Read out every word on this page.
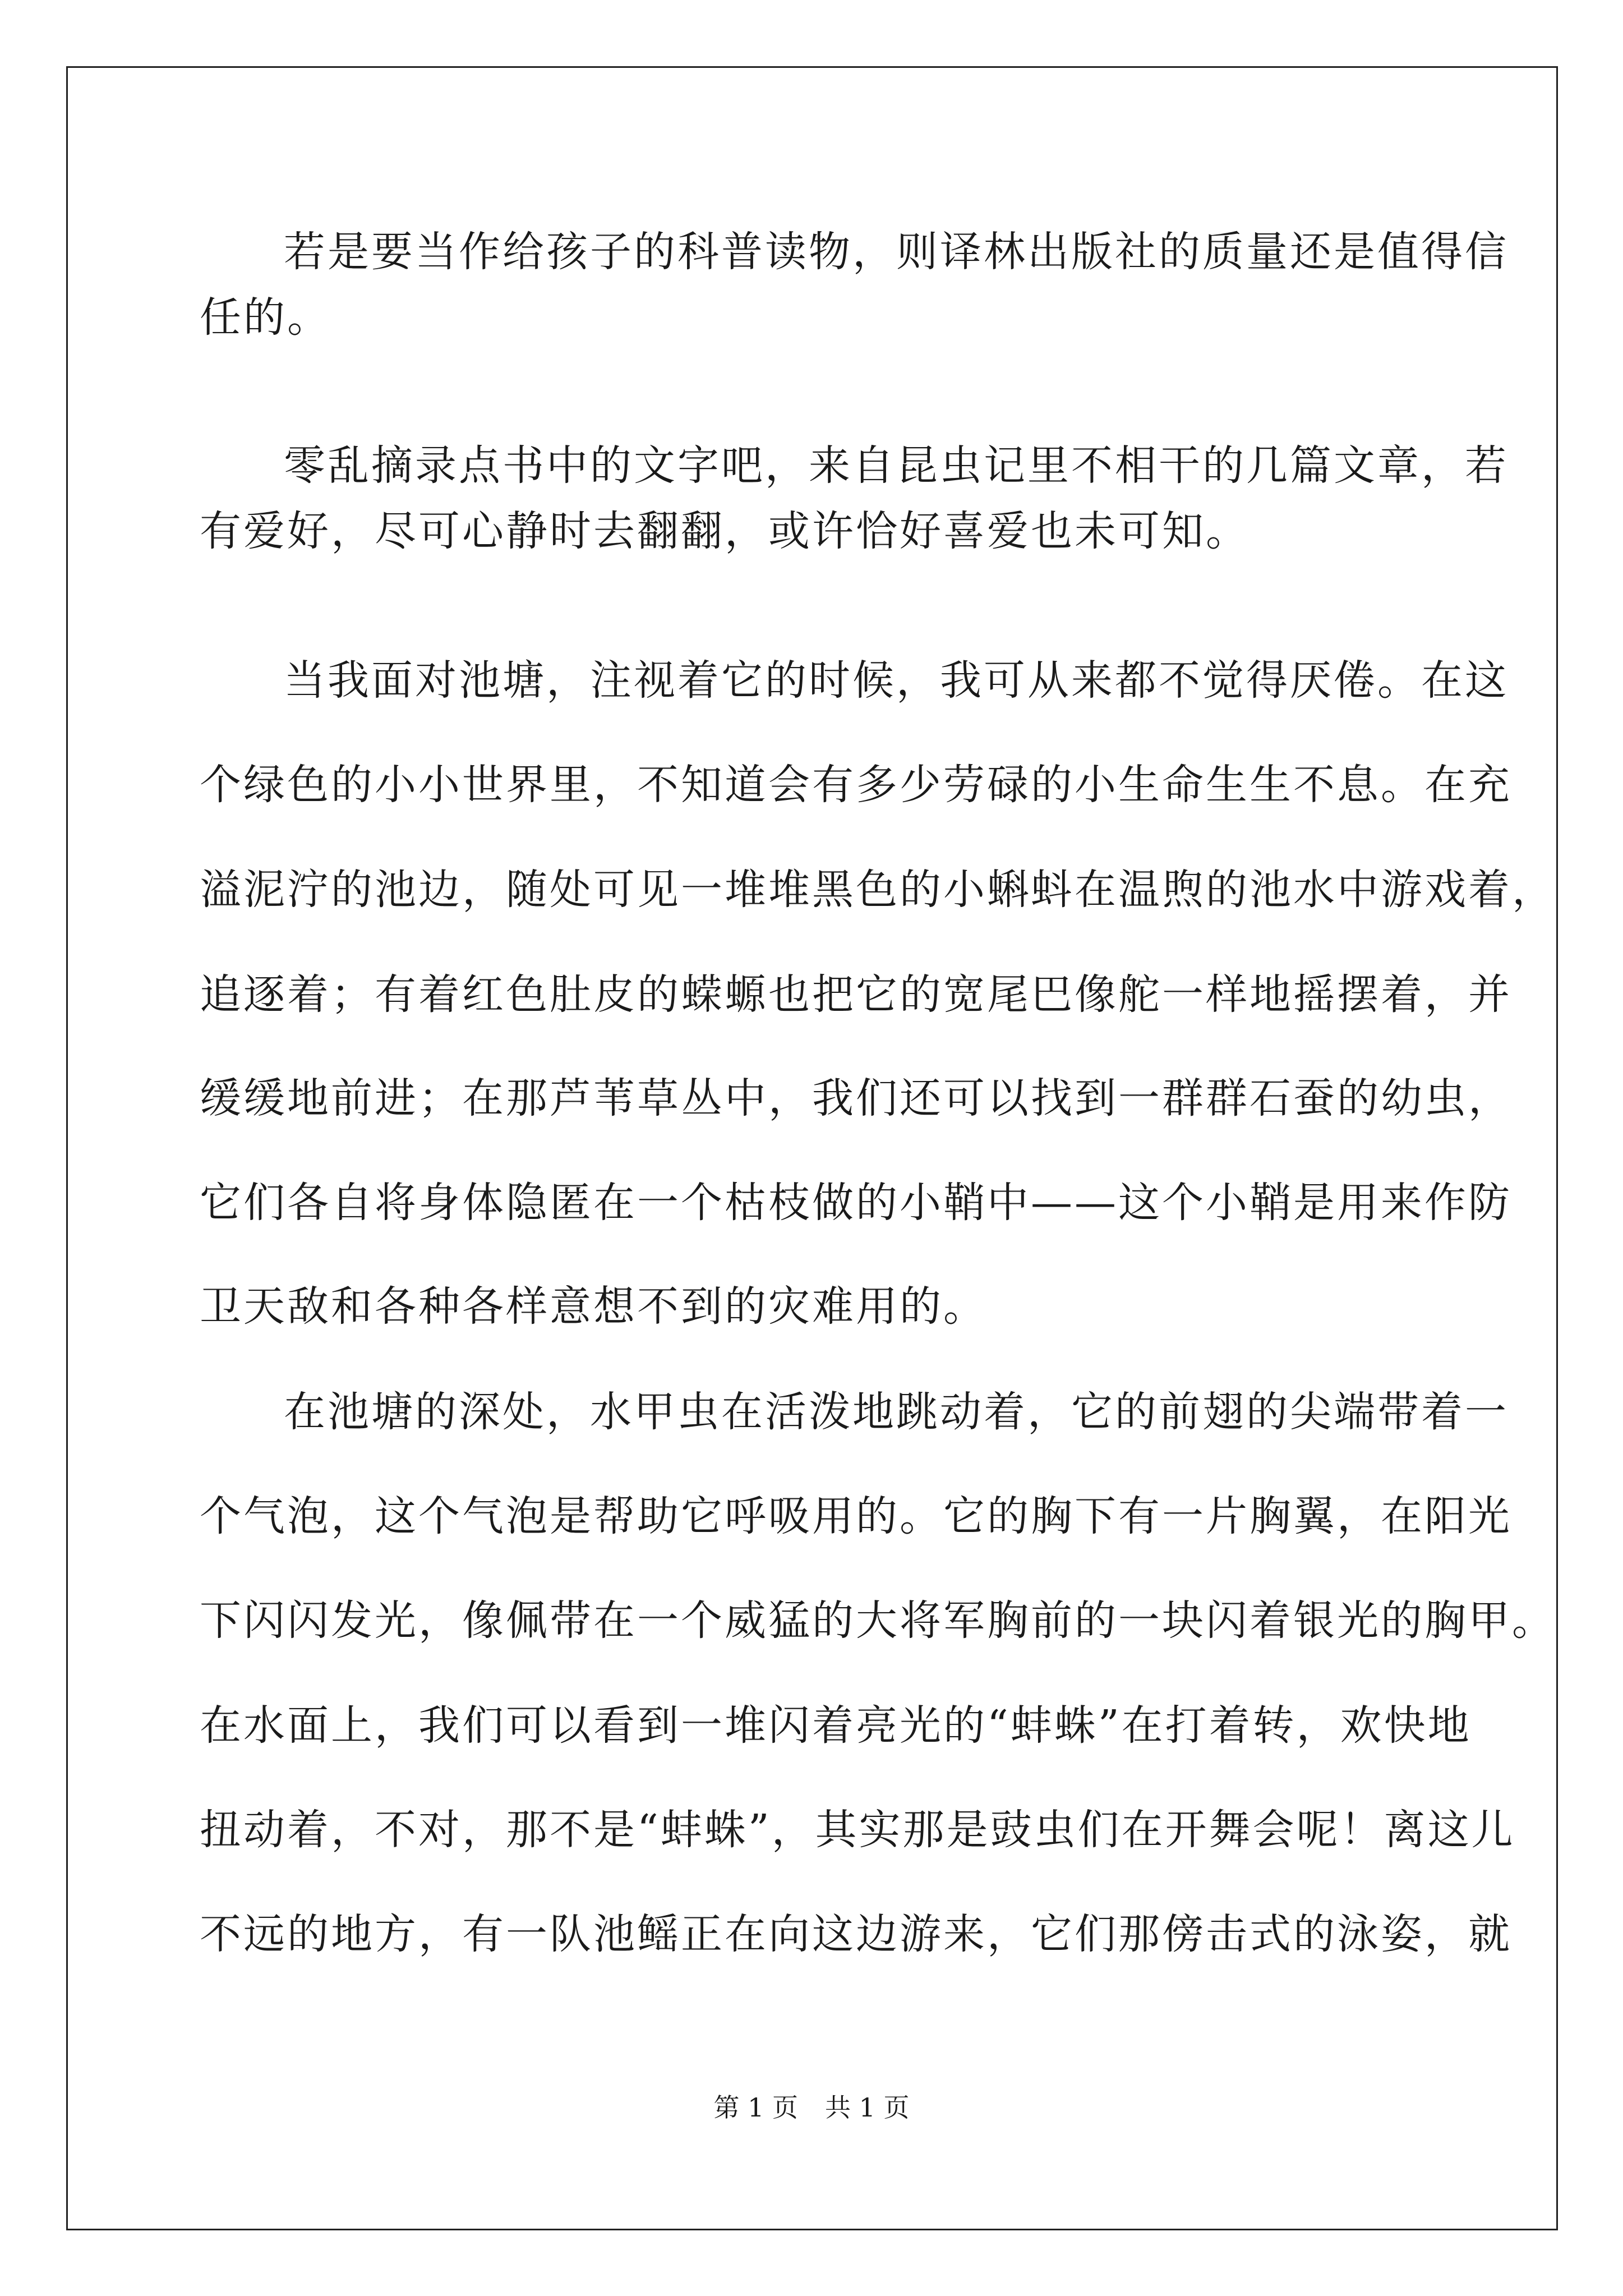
若是要当作给孩子的科普读物，则译林出版社的质量还是值得信
任的。
零乱摘录点书中的文字吧，来自昆虫记里不相干的几篇文章，若
有爱好，尽可心静时去翻翻，或许恰好喜爱也未可知。
当我面对池塘，注视着它的时候，我可从来都不觉得厌倦。在这
个绿色的小小世界里，不知道会有多少劳碌的小生命生生不息。在充
溢泥泞的池边，随处可见一堆堆黑色的小蝌蚪在温煦的池水中游戏着，
追逐着；有着红色肚皮的蝾螈也把它的宽尾巴像舵一样地摇摆着，并
缓缓地前进；在那芦苇草丛中，我们还可以找到一群群石蚕的幼虫，
它们各自将身体隐匿在一个枯枝做的小鞘中——这个小鞘是用来作防
卫天敌和各种各样意想不到的灾难用的。
在池塘的深处，水甲虫在活泼地跳动着，它的前翅的尖端带着一
个气泡，这个气泡是帮助它呼吸用的。它的胸下有一片胸翼，在阳光
下闪闪发光，像佩带在一个威猛的大将军胸前的一块闪着银光的胸甲。
在水面上，我们可以看到一堆闪着亮光的“蚌蛛”在打着转，欢快地
扭动着，不对，那不是“蚌蛛”，其实那是豉虫们在开舞会呢！离这儿
不远的地方，有一队池鳐正在向这边游来，它们那傍击式的泳姿，就
第 1 页 共 1 页
